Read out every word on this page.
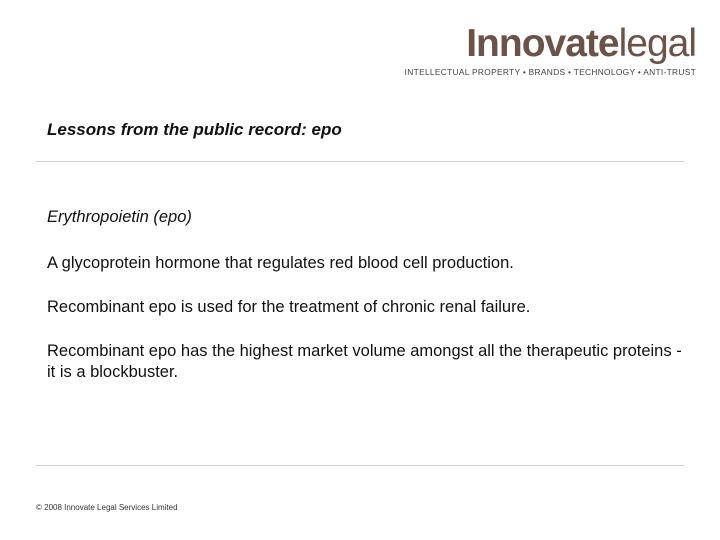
Innovatelegal
INTELLECTUAL PROPERTY • BRANDS • TECHNOLOGY • ANTI-TRUST
Lessons from the public record: epo

Erythropoietin (epo)

A glycoprotein hormone that regulates red blood cell production.

Recombinant epo is used for the treatment of chronic renal failure.

Recombinant epo has the highest market volume amongst all the therapeutic proteins - it is a blockbuster.

© 2008 Innovate Legal Services Limited
